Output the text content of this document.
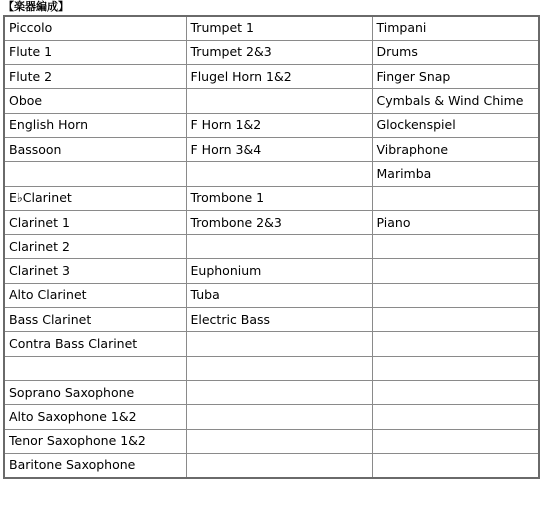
【楽器編成】
Piccolo	Trumpet 1	Timpani
Flute 1	Trumpet 2&3	Drums
Flute 2	Flugel Horn 1&2	Finger Snap
Oboe		Cymbals & Wind Chime
English Horn	F Horn 1&2	Glockenspiel
Bassoon	F Horn 3&4	Vibraphone
		Marimba
E♭Clarinet	Trombone 1	
Clarinet 1	Trombone 2&3	Piano
Clarinet 2		
Clarinet 3	Euphonium	
Alto Clarinet	Tuba	
Bass Clarinet	Electric Bass	
Contra Bass Clarinet		

Soprano Saxophone		
Alto Saxophone 1&2		
Tenor Saxophone 1&2		
Baritone Saxophone		
